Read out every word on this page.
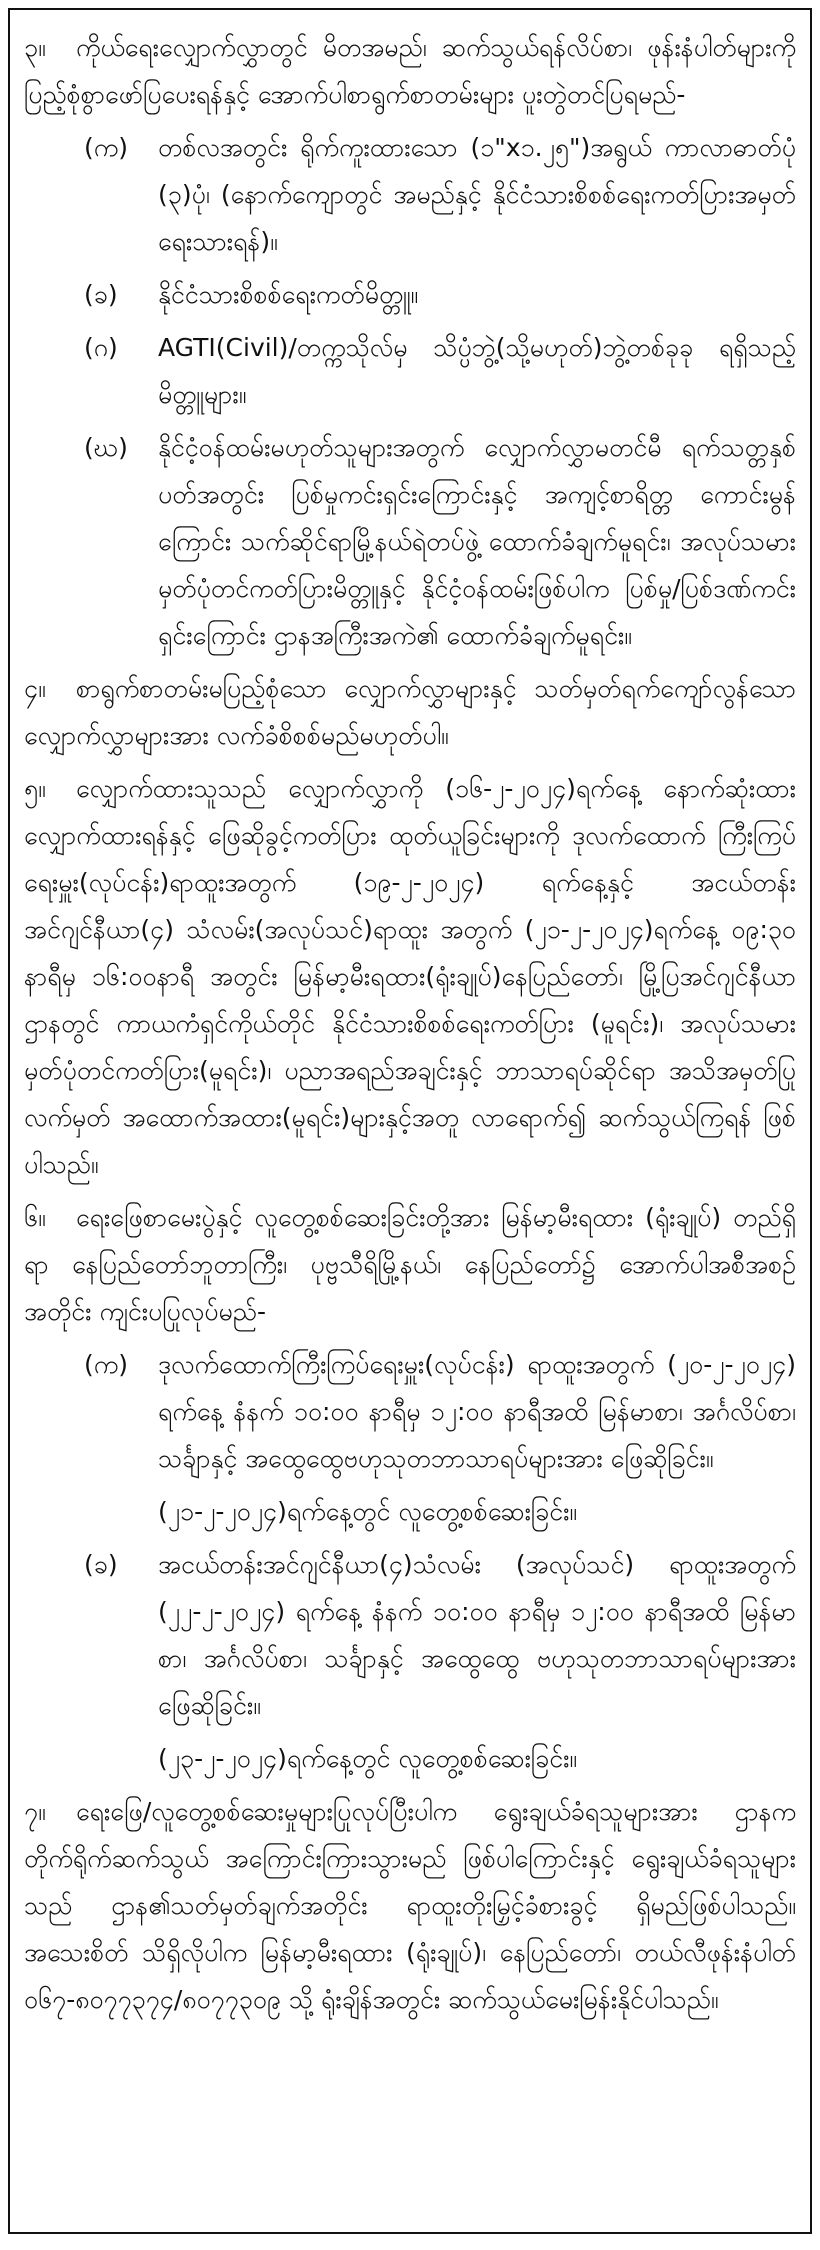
၃။ ကိုယ်ရေးလျှောက်လွှာတွင် မိတအမည်၊ ဆက်သွယ်ရန်လိပ်စာ၊ ဖုန်းနံပါတ်များကို ပြည့်စုံစွာဖော်ပြပေးရန်နှင့် အောက်ပါစာရွက်စာတမ်းများ ပူးတွဲတင်ပြရမည်-

(က)	တစ်လအတွင်း ရိုက်ကူးထားသော (၁"x၁.၂၅")အရွယ် ကာလာဓာတ်ပုံ (၃)ပုံ၊ (နောက်ကျောတွင် အမည်နှင့် နိုင်ငံသားစိစစ်ရေးကတ်ပြားအမှတ် ရေးသားရန်)။
(ခ)	နိုင်ငံသားစိစစ်ရေးကတ်မိတ္တူ။
(ဂ)	AGTI(Civil)/တက္ကသိုလ်မှ သိပ္ပံဘွဲ့(သို့မဟုတ်)ဘွဲ့တစ်ခုခု ရရှိသည့် မိတ္တူများ။
(ဃ)	နိုင်ငံ့ဝန်ထမ်းမဟုတ်သူများအတွက် လျှောက်လွှာမတင်မီ ရက်သတ္တနှစ်ပတ်အတွင်း ပြစ်မှုကင်းရှင်းကြောင်းနှင့် အကျင့်စာရိတ္တ ကောင်းမွန်ကြောင်း သက်ဆိုင်ရာမြို့နယ်ရဲတပ်ဖွဲ့ ထောက်ခံချက်မူရင်း၊ အလုပ်သမားမှတ်ပုံတင်ကတ်ပြားမိတ္တူနှင့် နိုင်ငံ့ဝန်ထမ်းဖြစ်ပါက ပြစ်မှု/ပြစ်ဒဏ်ကင်းရှင်းကြောင်း ဌာနအကြီးအကဲ၏ ထောက်ခံချက်မူရင်း။

၄။ စာရွက်စာတမ်းမပြည့်စုံသော လျှောက်လွှာများနှင့် သတ်မှတ်ရက်ကျော်လွန်သော လျှောက်လွှာများအား လက်ခံစိစစ်မည်မဟုတ်ပါ။

၅။ လျှောက်ထားသူသည် လျှောက်လွှာကို (၁၆-၂-၂၀၂၄)ရက်နေ့ နောက်ဆုံးထား လျှောက်ထားရန်နှင့် ဖြေဆိုခွင့်ကတ်ပြား ထုတ်ယူခြင်းများကို ဒုလက်ထောက် ကြီးကြပ်ရေးမှူး(လုပ်ငန်း)ရာထူးအတွက် (၁၉-၂-၂၀၂၄) ရက်နေ့နှင့် အငယ်တန်း အင်ဂျင်နီယာ(၄) သံလမ်း(အလုပ်သင်)ရာထူး အတွက် (၂၁-၂-၂၀၂၄)ရက်နေ့ ၀၉:၃၀ နာရီမှ ၁၆:၀၀နာရီ အတွင်း မြန်မာ့မီးရထား(ရုံးချုပ်)နေပြည်တော်၊ မြို့ပြအင်ဂျင်နီယာဌာနတွင် ကာယကံရှင်ကိုယ်တိုင် နိုင်ငံသားစိစစ်ရေးကတ်ပြား (မူရင်း)၊ အလုပ်သမားမှတ်ပုံတင်ကတ်ပြား(မူရင်း)၊ ပညာအရည်အချင်းနှင့် ဘာသာရပ်ဆိုင်ရာ အသိအမှတ်ပြုလက်မှတ် အထောက်အထား(မူရင်း)များနှင့်အတူ လာရောက်၍ ဆက်သွယ်ကြရန် ဖြစ်ပါသည်။

၆။ ရေးဖြေစာမေးပွဲနှင့် လူတွေ့စစ်ဆေးခြင်းတို့အား မြန်မာ့မီးရထား (ရုံးချုပ်) တည်ရှိရာ နေပြည်တော်ဘူတာကြီး၊ ပုဗ္ဗသီရိမြို့နယ်၊ နေပြည်တော်၌ အောက်ပါအစီအစဉ်အတိုင်း ကျင်းပပြုလုပ်မည်-

(က)	ဒုလက်ထောက်ကြီးကြပ်ရေးမှူး(လုပ်ငန်း) ရာထူးအတွက် (၂၀-၂-၂၀၂၄) ရက်နေ့ နံနက် ၁၀:၀၀ နာရီမှ ၁၂:၀၀ နာရီအထိ မြန်မာစာ၊ အင်္ဂလိပ်စာ၊ သင်္ချာနှင့် အထွေထွေဗဟုသုတဘာသာရပ်များအား ဖြေဆိုခြင်း။
(၂၁-၂-၂၀၂၄)ရက်နေ့တွင် လူတွေ့စစ်ဆေးခြင်း။
(ခ)	အငယ်တန်းအင်ဂျင်နီယာ(၄)သံလမ်း (အလုပ်သင်) ရာထူးအတွက် (၂၂-၂-၂၀၂၄) ရက်နေ့ နံနက် ၁၀:၀၀ နာရီမှ ၁၂:၀၀ နာရီအထိ မြန်မာစာ၊ အင်္ဂလိပ်စာ၊ သင်္ချာနှင့် အထွေထွေ ဗဟုသုတဘာသာရပ်များအား ဖြေဆိုခြင်း။
(၂၃-၂-၂၀၂၄)ရက်နေ့တွင် လူတွေ့စစ်ဆေးခြင်း။

၇။ ရေးဖြေ/လူတွေ့စစ်ဆေးမှုများပြုလုပ်ပြီးပါက ရွေးချယ်ခံရသူများအား ဌာနက တိုက်ရိုက်ဆက်သွယ် အကြောင်းကြားသွားမည် ဖြစ်ပါကြောင်းနှင့် ရွေးချယ်ခံရသူများသည် ဌာန၏သတ်မှတ်ချက်အတိုင်း ရာထူးတိုးမြှင့်ခံစားခွင့် ရှိမည်ဖြစ်ပါသည်။ အသေးစိတ် သိရှိလိုပါက မြန်မာ့မီးရထား (ရုံးချုပ်)၊ နေပြည်တော်၊ တယ်လီဖုန်းနံပါတ် ၀၆၇-၈၀၇၇၃၇၄/၈၀၇၇၃၀၉ သို့ ရုံးချိန်အတွင်း ဆက်သွယ်မေးမြန်းနိုင်ပါသည်။
